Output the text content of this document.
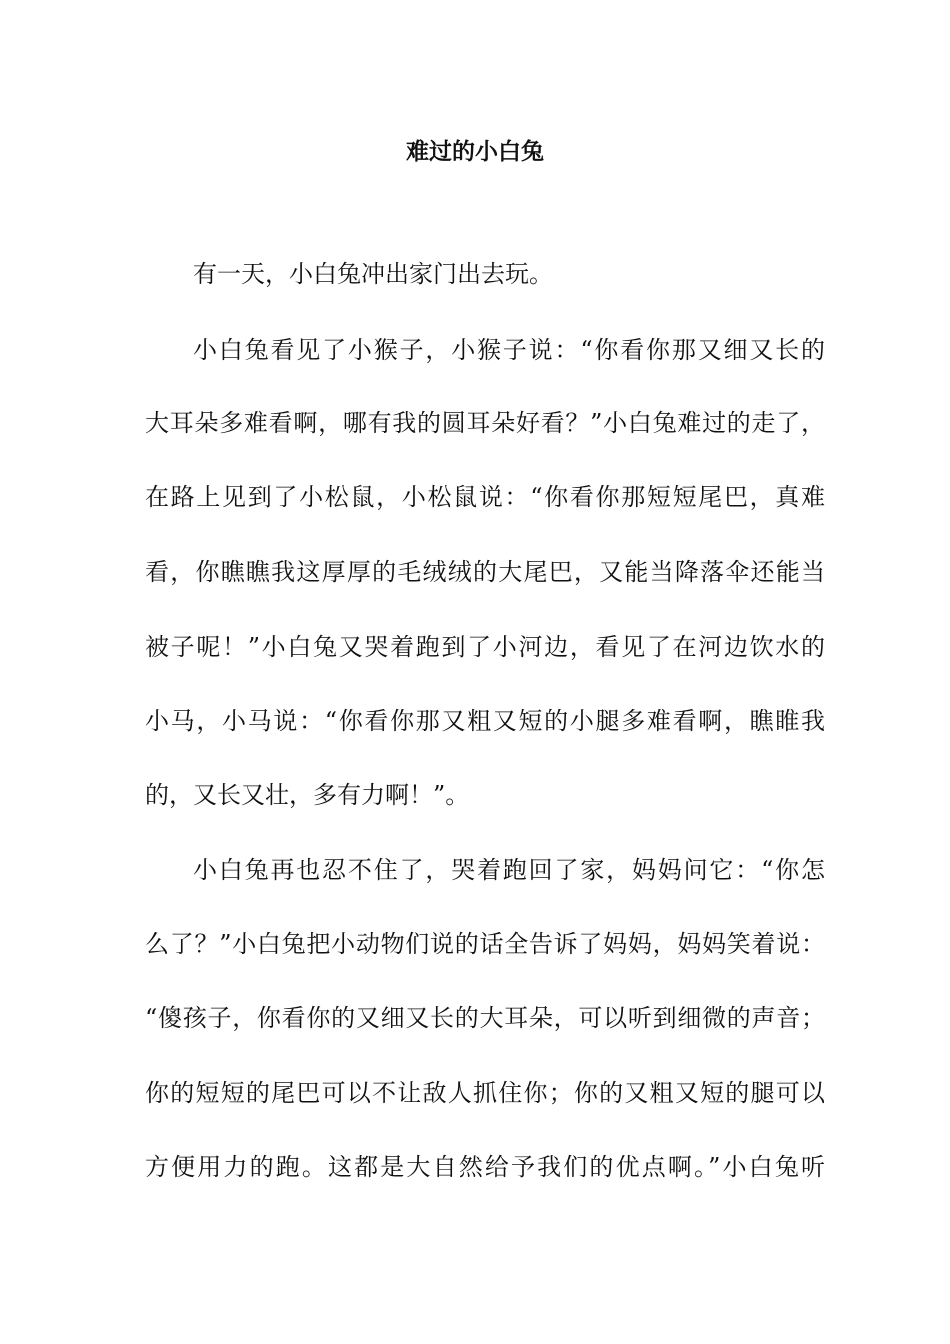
难过的小白兔
有一天，小白兔冲出家门出去玩。
小白兔看见了小猴子，小猴子说：“你看你那又细又长的
大耳朵多难看啊，哪有我的圆耳朵好看？”小白兔难过的走了，
在路上见到了小松鼠，小松鼠说：“你看你那短短尾巴，真难
看，你瞧瞧我这厚厚的毛绒绒的大尾巴，又能当降落伞还能当
被子呢！”小白兔又哭着跑到了小河边，看见了在河边饮水的
小马，小马说：“你看你那又粗又短的小腿多难看啊，瞧睢我
的，又长又壮，多有力啊！”。
小白兔再也忍不住了，哭着跑回了家，妈妈问它：“你怎
么了？”小白兔把小动物们说的话全告诉了妈妈，妈妈笑着说：
“傻孩子，你看你的又细又长的大耳朵，可以听到细微的声音；
你的短短的尾巴可以不让敌人抓住你；你的又粗又短的腿可以
方便用力的跑。这都是大自然给予我们的优点啊。”小白兔听
